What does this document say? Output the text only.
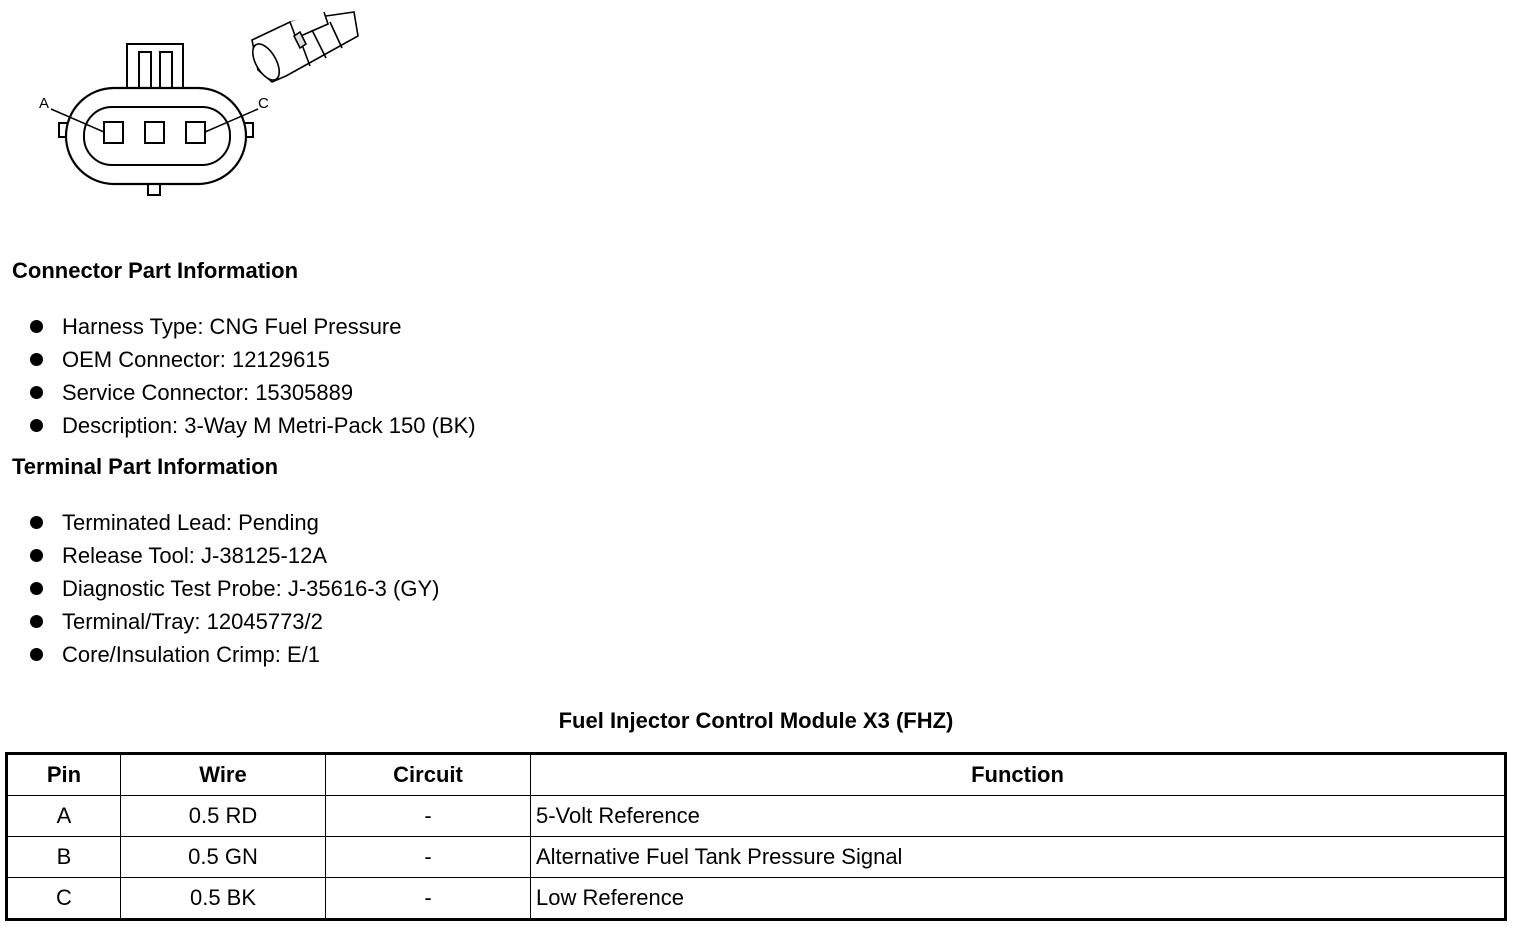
A	C
Connector Part Information
Harness Type: CNG Fuel Pressure
OEM Connector: 12129615
Service Connector: 15305889
Description: 3-Way M Metri-Pack 150 (BK)
Terminal Part Information
Terminated Lead: Pending
Release Tool: J-38125-12A
Diagnostic Test Probe: J-35616-3 (GY)
Terminal/Tray: 12045773/2
Core/Insulation Crimp: E/1
Fuel Injector Control Module X3 (FHZ)
Pin	Wire	Circuit	Function
A	0.5 RD	-	5-Volt Reference
B	0.5 GN	-	Alternative Fuel Tank Pressure Signal
C	0.5 BK	-	Low Reference
